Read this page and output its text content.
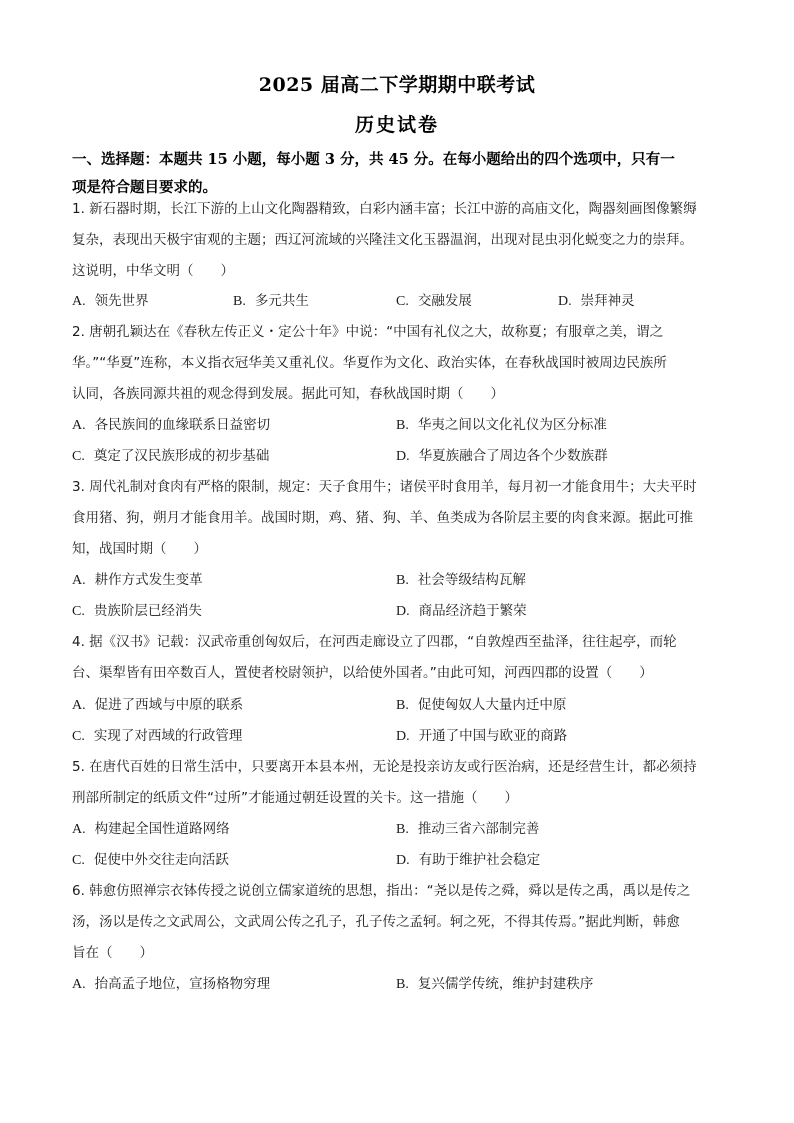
2025 届高二下学期期中联考试
历史试卷
一、选择题：本题共 15 小题，每小题 3 分，共 45 分。在每小题给出的四个选项中，只有一
项是符合题目要求的。
1. 新石器时期，长江下游的上山文化陶器精致，白彩内涵丰富；长江中游的高庙文化，陶器刻画图像繁缛
复杂，表现出天极宇宙观的主题；西辽河流域的兴隆洼文化玉器温润，出现对昆虫羽化蜕变之力的崇拜。
这说明，中华文明（　　）
A. 领先世界	B. 多元共生	C. 交融发展	D. 崇拜神灵
2. 唐朝孔颖达在《春秋左传正义・定公十年》中说：“中国有礼仪之大，故称夏；有服章之美，谓之
华。”“华夏”连称，本义指衣冠华美又重礼仪。华夏作为文化、政治实体，在春秋战国时被周边民族所
认同，各族同源共祖的观念得到发展。据此可知，春秋战国时期（　　）
A. 各民族间的血缘联系日益密切	B. 华夷之间以文化礼仪为区分标准
C. 奠定了汉民族形成的初步基础	D. 华夏族融合了周边各个少数族群
3. 周代礼制对食肉有严格的限制，规定：天子食用牛；诸侯平时食用羊，每月初一才能食用牛；大夫平时
食用猪、狗，朔月才能食用羊。战国时期，鸡、猪、狗、羊、鱼类成为各阶层主要的肉食来源。据此可推
知，战国时期（　　）
A. 耕作方式发生变革	B. 社会等级结构瓦解
C. 贵族阶层已经消失	D. 商品经济趋于繁荣
4. 据《汉书》记载：汉武帝重创匈奴后，在河西走廊设立了四郡，“自敦煌西至盐泽，往往起亭，而轮
台、渠犁皆有田卒数百人，置使者校尉领护，以给使外国者。”由此可知，河西四郡的设置（　　）
A. 促进了西域与中原的联系	B. 促使匈奴人大量内迁中原
C. 实现了对西域的行政管理	D. 开通了中国与欧亚的商路
5. 在唐代百姓的日常生活中，只要离开本县本州，无论是投亲访友或行医治病，还是经营生计，都必须持
刑部所制定的纸质文件“过所”才能通过朝廷设置的关卡。这一措施（　　）
A. 构建起全国性道路网络	B. 推动三省六部制完善
C. 促使中外交往走向活跃	D. 有助于维护社会稳定
6. 韩愈仿照禅宗衣钵传授之说创立儒家道统的思想，指出：“尧以是传之舜，舜以是传之禹，禹以是传之
汤，汤以是传之文武周公，文武周公传之孔子，孔子传之孟轲。轲之死，不得其传焉。”据此判断，韩愈
旨在（　　）
A. 抬高孟子地位，宣扬格物穷理	B. 复兴儒学传统，维护封建秩序
